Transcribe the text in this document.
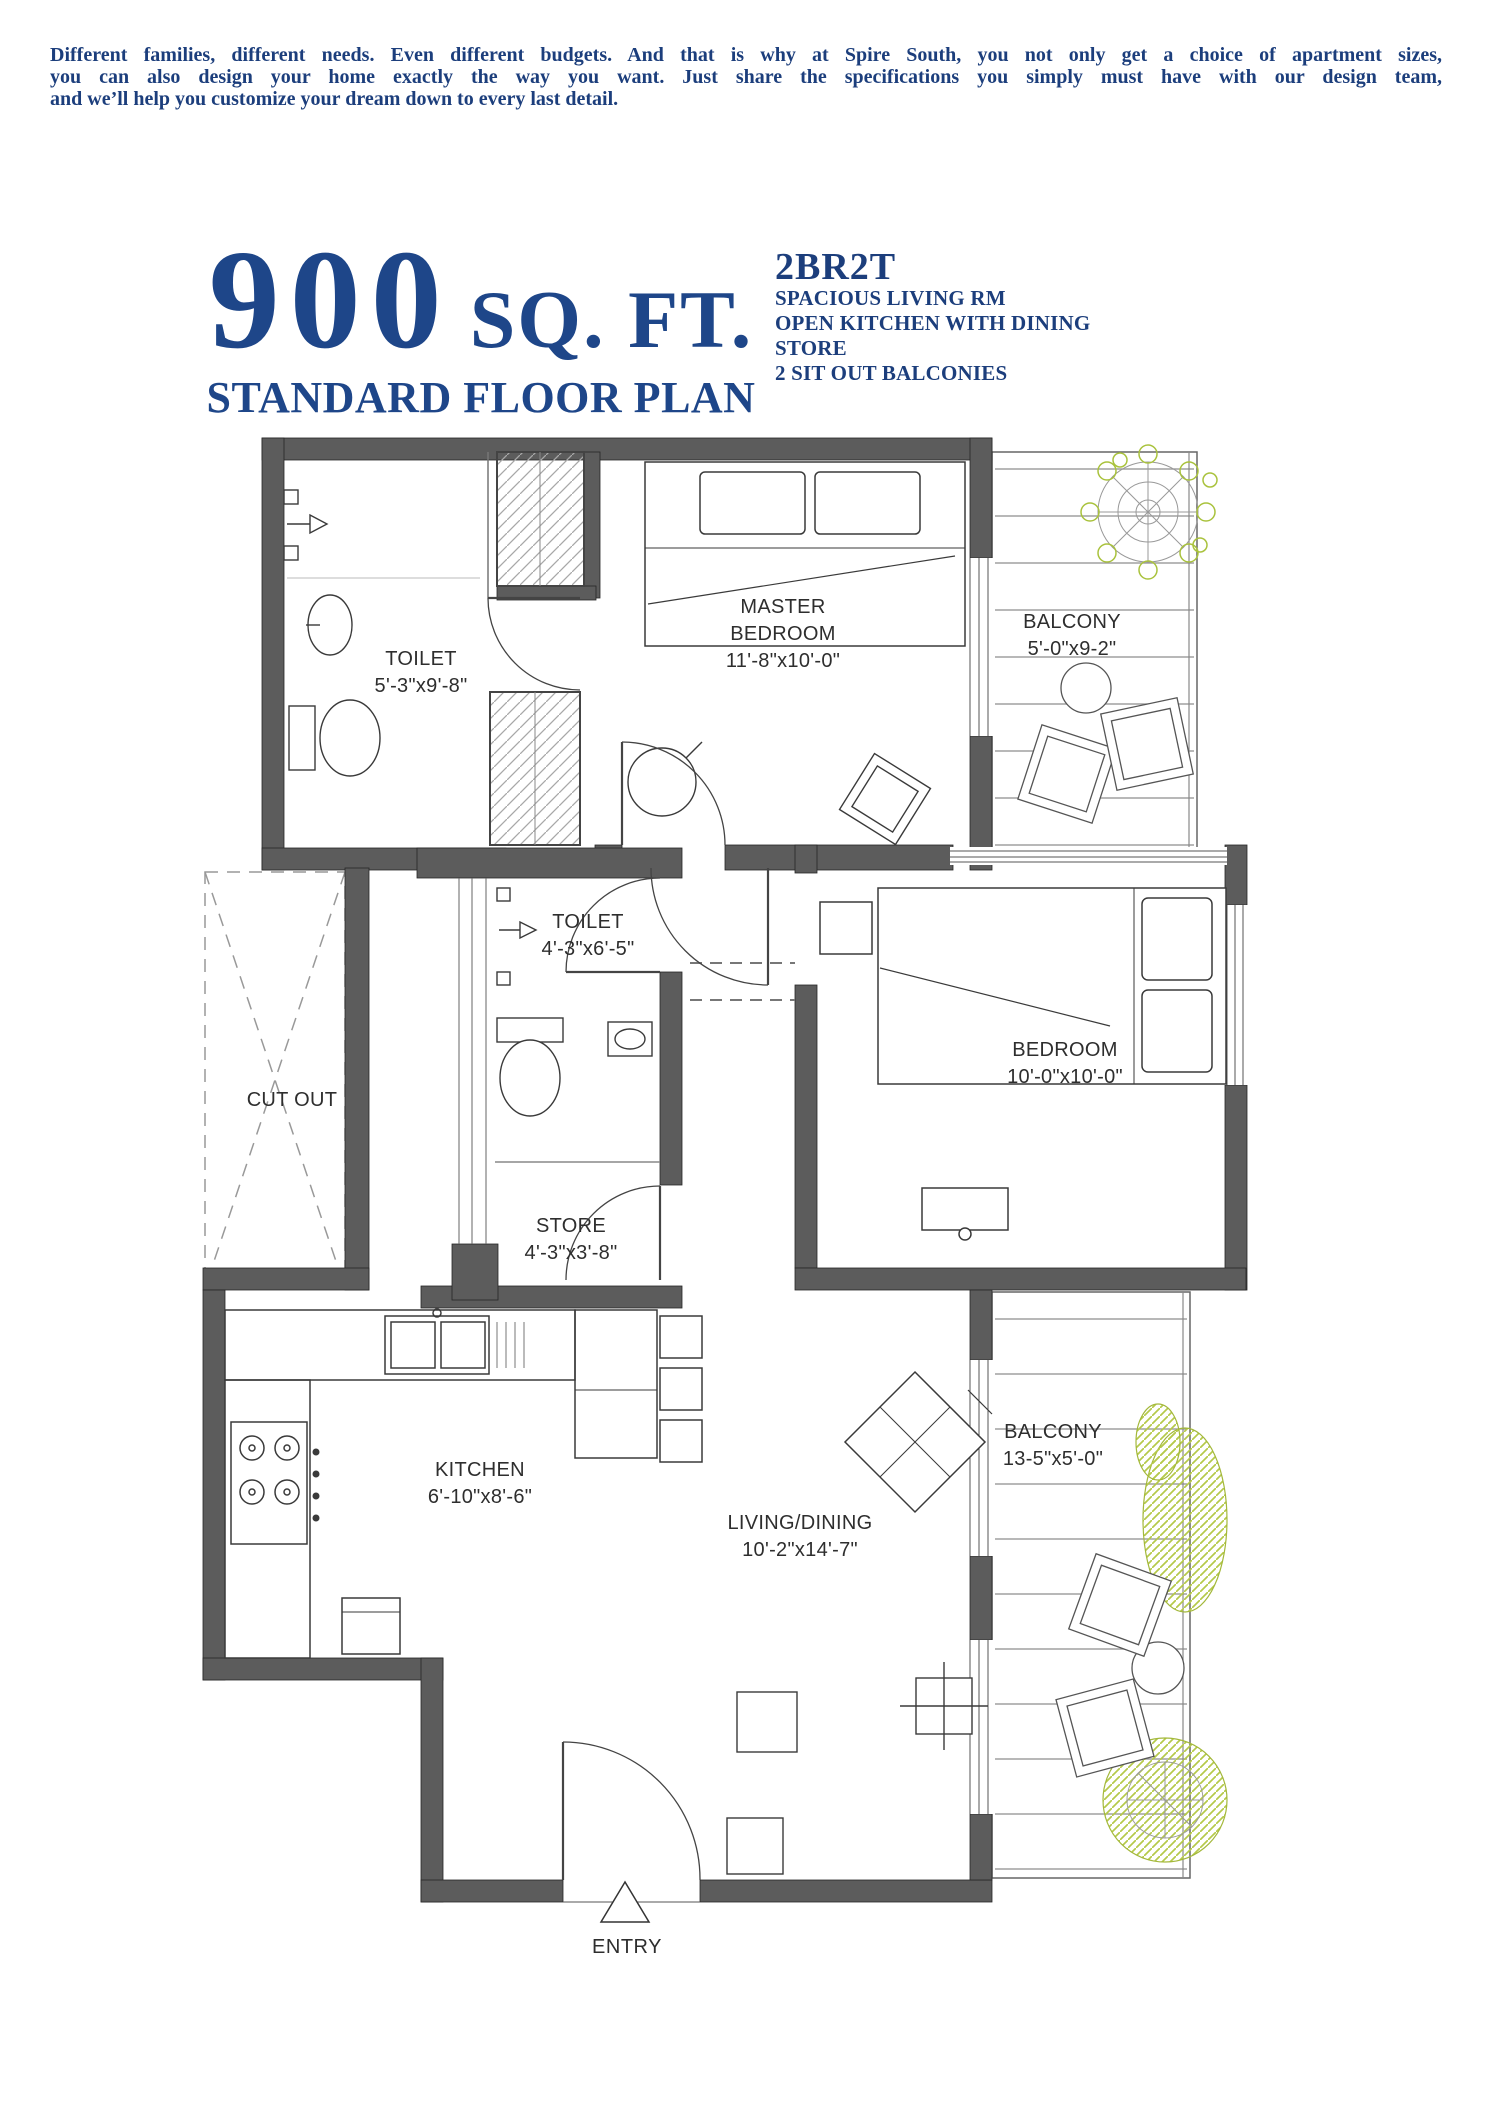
Different families, different needs. Even different budgets. And that is why at Spire South, you not only get a choice of apartment sizes,
you can also design your home exactly the way you want. Just share the specifications you simply must have with our design team,
and we’ll help you customize your dream down to every last detail.
900 SQ. FT.
STANDARD FLOOR PLAN
2BR2T
SPACIOUS LIVING RM
OPEN KITCHEN WITH DINING
STORE
2 SIT OUT BALCONIES
TOILET
5'-3"x9'-8"
MASTER BEDROOM
11'-8"x10'-0"
BALCONY
5'-0"x9-2"
TOILET
4'-3"x6'-5"
CUT OUT
BEDROOM
10'-0"x10'-0"
STORE
4'-3"x3'-8"
KITCHEN
6'-10"x8'-6"
LIVING/DINING
10'-2"x14'-7"
BALCONY
13-5"x5'-0"
ENTRY
